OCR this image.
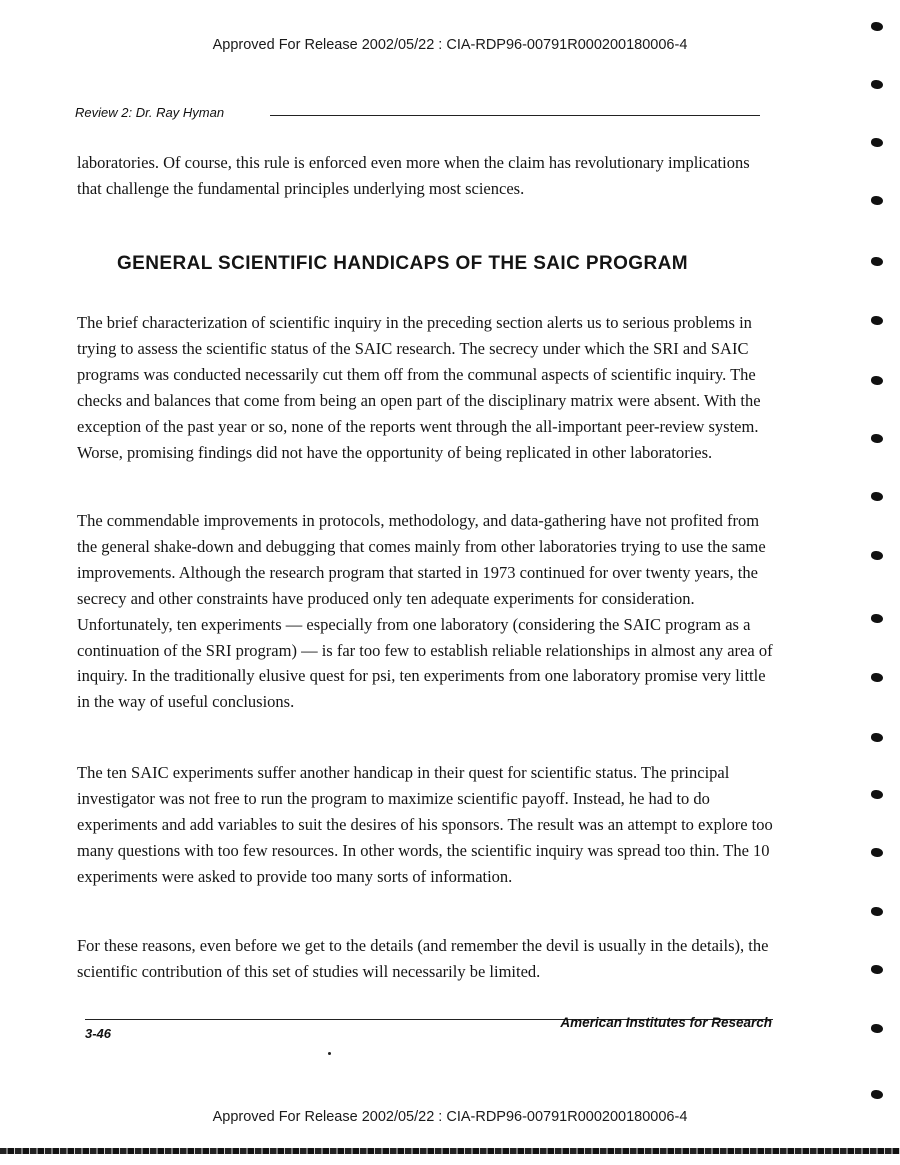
Approved For Release 2002/05/22 : CIA-RDP96-00791R000200180006-4
Review 2: Dr. Ray Hyman

laboratories. Of course, this rule is enforced even more when the claim has revolutionary implications that challenge the fundamental principles underlying most sciences.

GENERAL SCIENTIFIC HANDICAPS OF THE SAIC PROGRAM

The brief characterization of scientific inquiry in the preceding section alerts us to serious problems in trying to assess the scientific status of the SAIC research. The secrecy under which the SRI and SAIC programs was conducted necessarily cut them off from the communal aspects of scientific inquiry. The checks and balances that come from being an open part of the disciplinary matrix were absent. With the exception of the past year or so, none of the reports went through the all-important peer-review system. Worse, promising findings did not have the opportunity of being replicated in other laboratories.

The commendable improvements in protocols, methodology, and data-gathering have not profited from the general shake-down and debugging that comes mainly from other laboratories trying to use the same improvements. Although the research program that started in 1973 continued for over twenty years, the secrecy and other constraints have produced only ten adequate experiments for consideration. Unfortunately, ten experiments — especially from one laboratory (considering the SAIC program as a continuation of the SRI program) — is far too few to establish reliable relationships in almost any area of inquiry. In the traditionally elusive quest for psi, ten experiments from one laboratory promise very little in the way of useful conclusions.

The ten SAIC experiments suffer another handicap in their quest for scientific status. The principal investigator was not free to run the program to maximize scientific payoff. Instead, he had to do experiments and add variables to suit the desires of his sponsors. The result was an attempt to explore too many questions with too few resources. In other words, the scientific inquiry was spread too thin. The 10 experiments were asked to provide too many sorts of information.

For these reasons, even before we get to the details (and remember the devil is usually in the details), the scientific contribution of this set of studies will necessarily be limited.

3-46
American Institutes for Research
Approved For Release 2002/05/22 : CIA-RDP96-00791R000200180006-4
